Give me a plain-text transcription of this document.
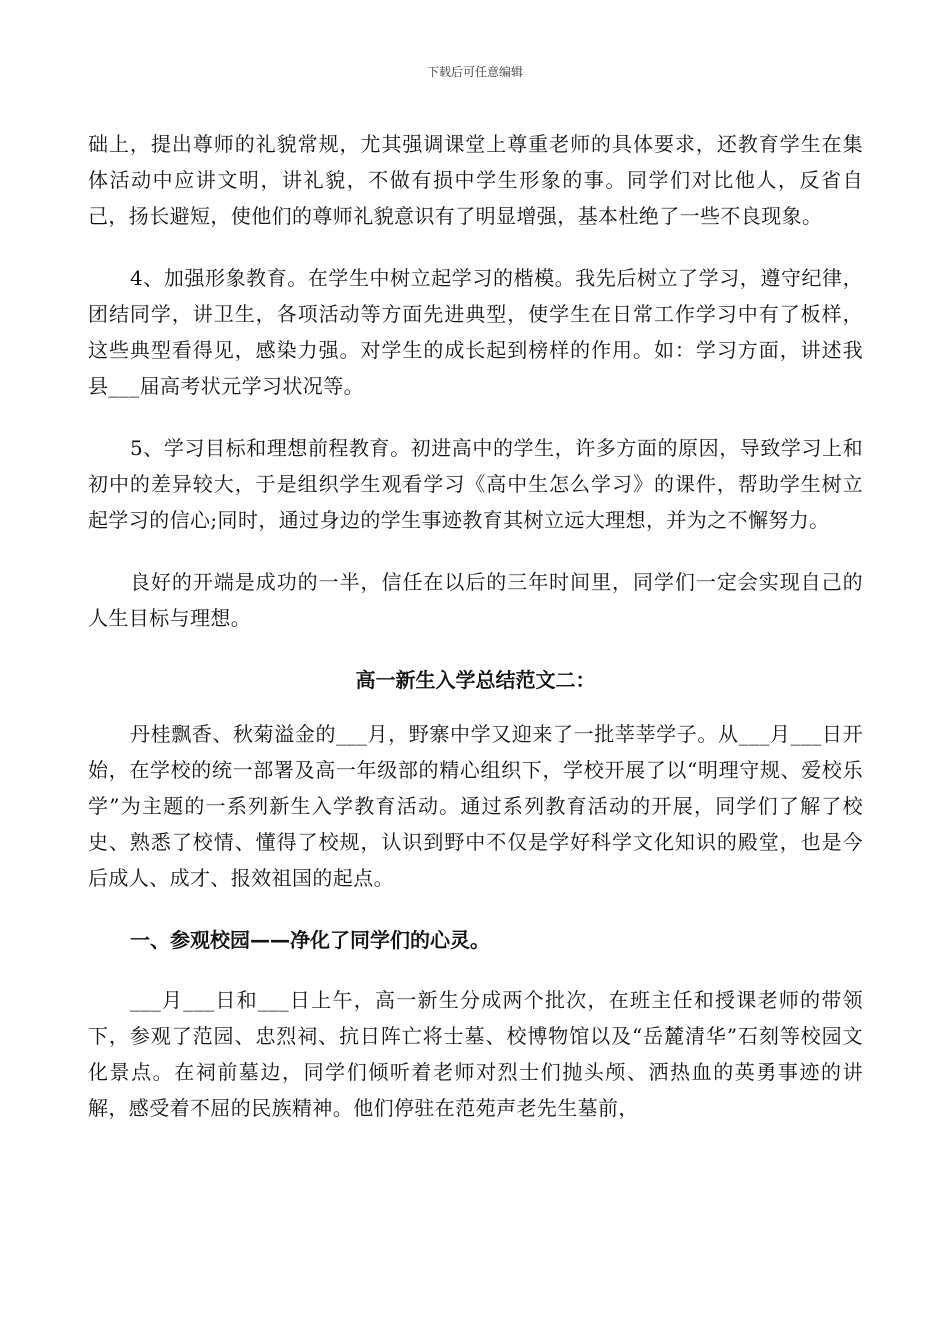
下载后可任意编辑

础上，提出尊师的礼貌常规，尤其强调课堂上尊重老师的具体要求，还教育学生在集体活动中应讲文明，讲礼貌，不做有损中学生形象的事。同学们对比他人，反省自己，扬长避短，使他们的尊师礼貌意识有了明显增强，基本杜绝了一些不良现象。

4、加强形象教育。在学生中树立起学习的楷模。我先后树立了学习，遵守纪律，团结同学，讲卫生，各项活动等方面先进典型，使学生在日常工作学习中有了板样，这些典型看得见，感染力强。对学生的成长起到榜样的作用。如：学习方面，讲述我县___届高考状元学习状况等。

5、学习目标和理想前程教育。初进高中的学生，许多方面的原因，导致学习上和初中的差异较大，于是组织学生观看学习《高中生怎么学习》的课件，帮助学生树立起学习的信心;同时，通过身边的学生事迹教育其树立远大理想，并为之不懈努力。

良好的开端是成功的一半，信任在以后的三年时间里，同学们一定会实现自己的人生目标与理想。

高一新生入学总结范文二：

丹桂飘香、秋菊溢金的___月，野寨中学又迎来了一批莘莘学子。从___月___日开始，在学校的统一部署及高一年级部的精心组织下，学校开展了以“明理守规、爱校乐学”为主题的一系列新生入学教育活动。通过系列教育活动的开展，同学们了解了校史、熟悉了校情、懂得了校规，认识到野中不仅是学好科学文化知识的殿堂，也是今后成人、成才、报效祖国的起点。

一、参观校园——净化了同学们的心灵。

___月___日和___日上午，高一新生分成两个批次，在班主任和授课老师的带领下，参观了范园、忠烈祠、抗日阵亡将士墓、校博物馆以及“岳麓清华”石刻等校园文化景点。在祠前墓边，同学们倾听着老师对烈士们抛头颅、洒热血的英勇事迹的讲解，感受着不屈的民族精神。他们停驻在范苑声老先生墓前，
